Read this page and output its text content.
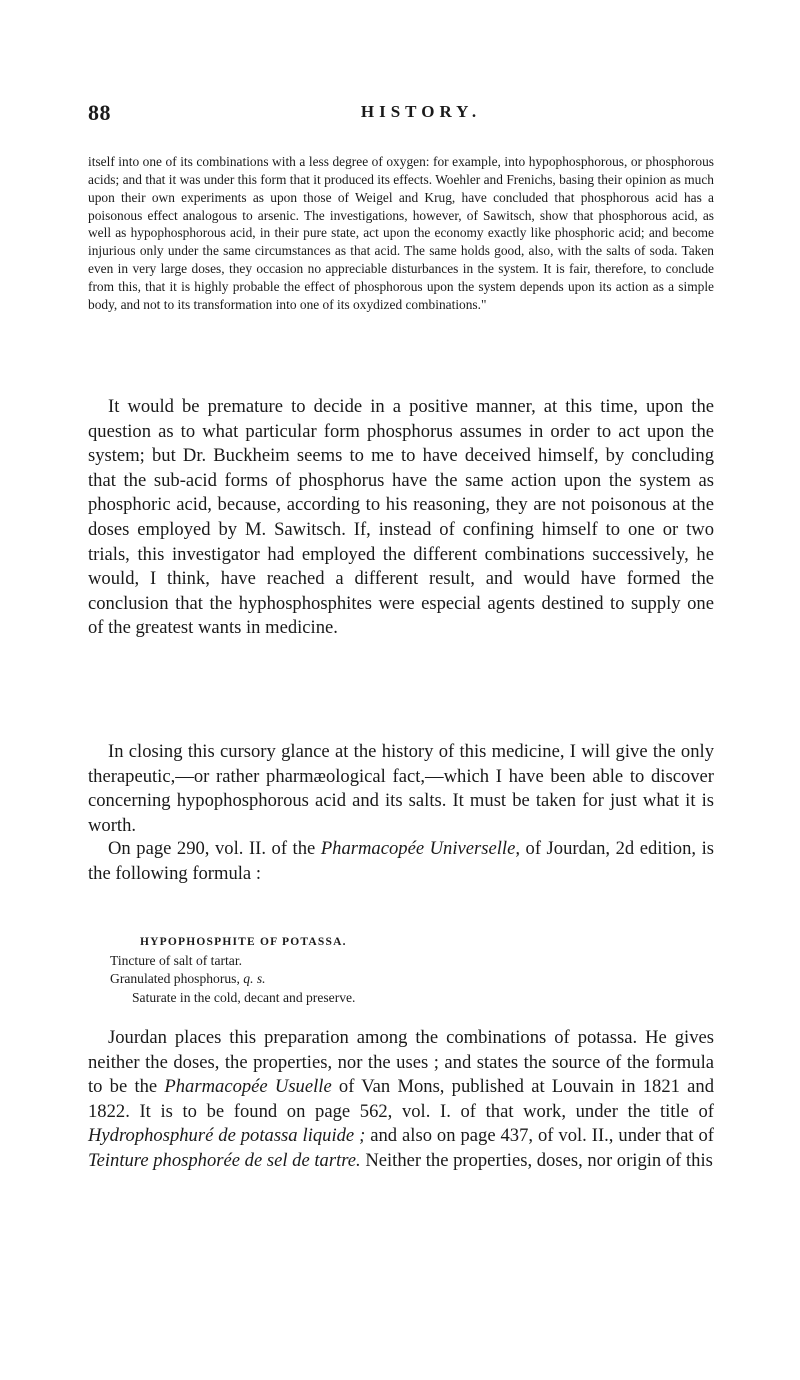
88	HISTORY.

itself into one of its combinations with a less degree of oxygen: for example, into hypophosphorous, or phosphorous acids; and that it was under this form that it produced its effects. Woehler and Frenichs, basing their opinion as much upon their own experiments as upon those of Weigel and Krug, have concluded that phosphorous acid has a poisonous effect analogous to arsenic. The investigations, however, of Sawitsch, show that phosphorous acid, as well as hypophosphorous acid, in their pure state, act upon the economy exactly like phosphoric acid; and become injurious only under the same circumstances as that acid. The same holds good, also, with the salts of soda. Taken even in very large doses, they occasion no appreciable disturbances in the system. It is fair, therefore, to conclude from this, that it is highly probable the effect of phosphorous upon the system depends upon its action as a simple body, and not to its transformation into one of its oxydized combinations."

It would be premature to decide in a positive manner, at this time, upon the question as to what particular form phosphorus assumes in order to act upon the system; but Dr. Buckheim seems to me to have deceived himself, by concluding that the sub-acid forms of phosphorus have the same action upon the system as phosphoric acid, because, according to his reasoning, they are not poisonous at the doses employed by M. Sawitsch. If, instead of confining himself to one or two trials, this investigator had employed the different combinations successively, he would, I think, have reached a different result, and would have formed the conclusion that the hyphosphosphites were especial agents destined to supply one of the greatest wants in medicine.

In closing this cursory glance at the history of this medicine, I will give the only therapeutic,—or rather pharmæological fact,—which I have been able to discover concerning hypophosphorous acid and its salts. It must be taken for just what it is worth.

On page 290, vol. II. of the Pharmacopée Universelle, of Jourdan, 2d edition, is the following formula :

HYPOPHOSPHITE OF POTASSA.
Tincture of salt of tartar.
Granulated phosphorus, q. s.
Saturate in the cold, decant and preserve.

Jourdan places this preparation among the combinations of potassa. He gives neither the doses, the properties, nor the uses ; and states the source of the formula to be the Pharmacopée Usuelle of Van Mons, published at Louvain in 1821 and 1822. It is to be found on page 562, vol. I. of that work, under the title of Hydrophosphuré de potassa liquide ; and also on page 437, of vol. II., under that of Teinture phosphorée de sel de tartre. Neither the properties, doses, nor origin of this
